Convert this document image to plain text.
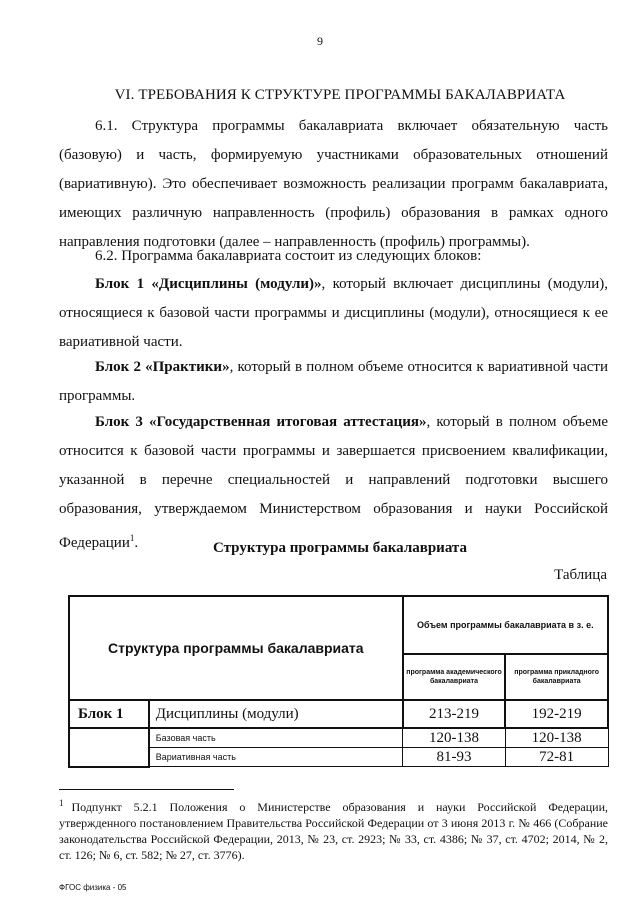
9
VI. ТРЕБОВАНИЯ К СТРУКТУРЕ ПРОГРАММЫ БАКАЛАВРИАТА

6.1. Структура программы бакалавриата включает обязательную часть (базовую) и часть, формируемую участниками образовательных отношений (вариативную). Это обеспечивает возможность реализации программ бакалавриата, имеющих различную направленность (профиль) образования в рамках одного направления подготовки (далее – направленность (профиль) программы).

6.2. Программа бакалавриата состоит из следующих блоков:

Блок 1 «Дисциплины (модули)», который включает дисциплины (модули), относящиеся к базовой части программы и дисциплины (модули), относящиеся к ее вариативной части.

Блок 2 «Практики», который в полном объеме относится к вариативной части программы.

Блок 3 «Государственная итоговая аттестация», который в полном объеме относится к базовой части программы и завершается присвоением квалификации, указанной в перечне специальностей и направлений подготовки высшего образования, утверждаемом Министерством образования и науки Российской Федерации$^1$.	Структура программы бакалавриата
Таблица
Структура программы бакалавриата		Объем программы бакалавриата в з. е.	
		программа академического бакалавриата	программа прикладного бакалавриата
Блок 1	Дисциплины (модули)	213-219	192-219
	Базовая часть	120-138	120-138
	Вариативная часть	81-93	72-81

$^1$ Подпункт 5.2.1 Положения о Министерстве образования и науки Российской Федерации, утвержденного постановлением Правительства Российской Федерации от 3 июня 2013 г. № 466 (Собрание законодательства Российской Федерации, 2013, № 23, ст. 2923; № 33, ст. 4386; № 37, ст. 4702; 2014, № 2, ст. 126; № 6, ст. 582; № 27, ст. 3776).

ФГОС физика - 05
